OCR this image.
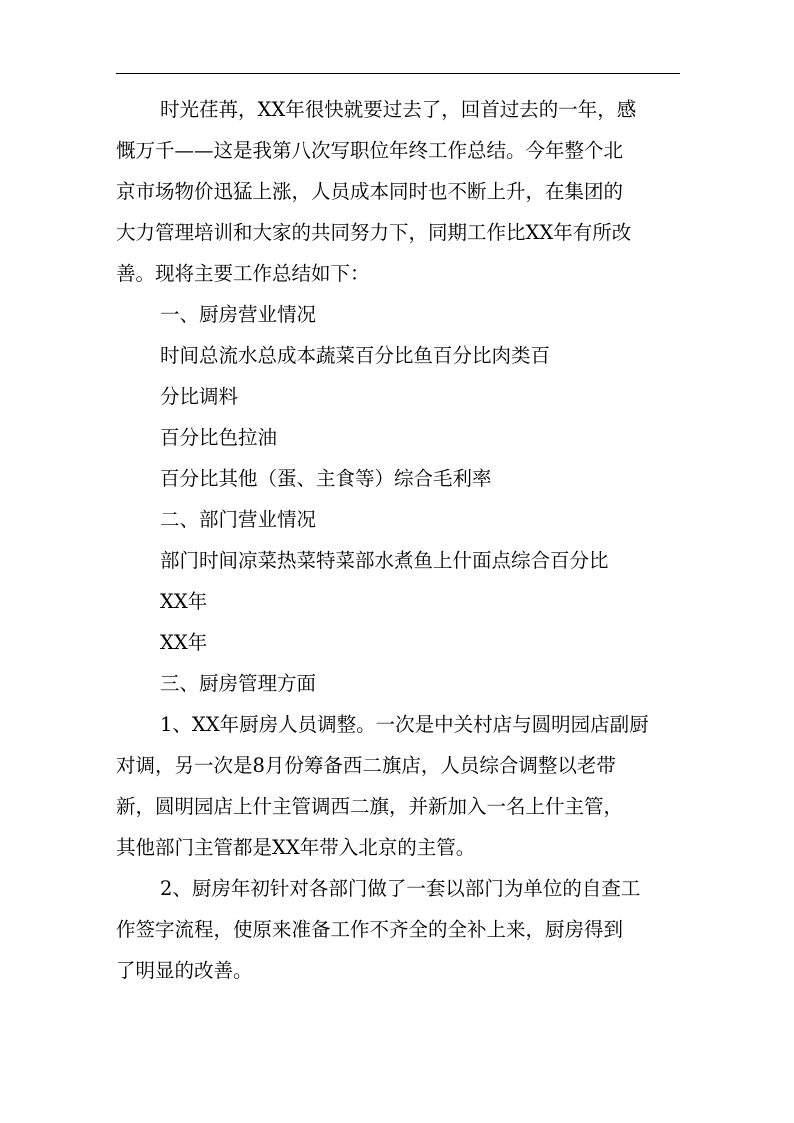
时光荏苒，XX年很快就要过去了，回首过去的一年，感
慨万千——这是我第八次写职位年终工作总结。今年整个北
京市场物价迅猛上涨，人员成本同时也不断上升，在集团的
大力管理培训和大家的共同努力下，同期工作比XX年有所改
善。现将主要工作总结如下：
一、厨房营业情况
时间总流水总成本蔬菜百分比鱼百分比肉类百
分比调料
百分比色拉油
百分比其他（蛋、主食等）综合毛利率
二、部门营业情况
部门时间凉菜热菜特菜部水煮鱼上什面点综合百分比
XX年
XX年
三、厨房管理方面
1、XX年厨房人员调整。一次是中关村店与圆明园店副厨
对调，另一次是8月份筹备西二旗店，人员综合调整以老带
新，圆明园店上什主管调西二旗，并新加入一名上什主管，
其他部门主管都是XX年带入北京的主管。
2、厨房年初针对各部门做了一套以部门为单位的自查工
作签字流程，使原来准备工作不齐全的全补上来，厨房得到
了明显的改善。
